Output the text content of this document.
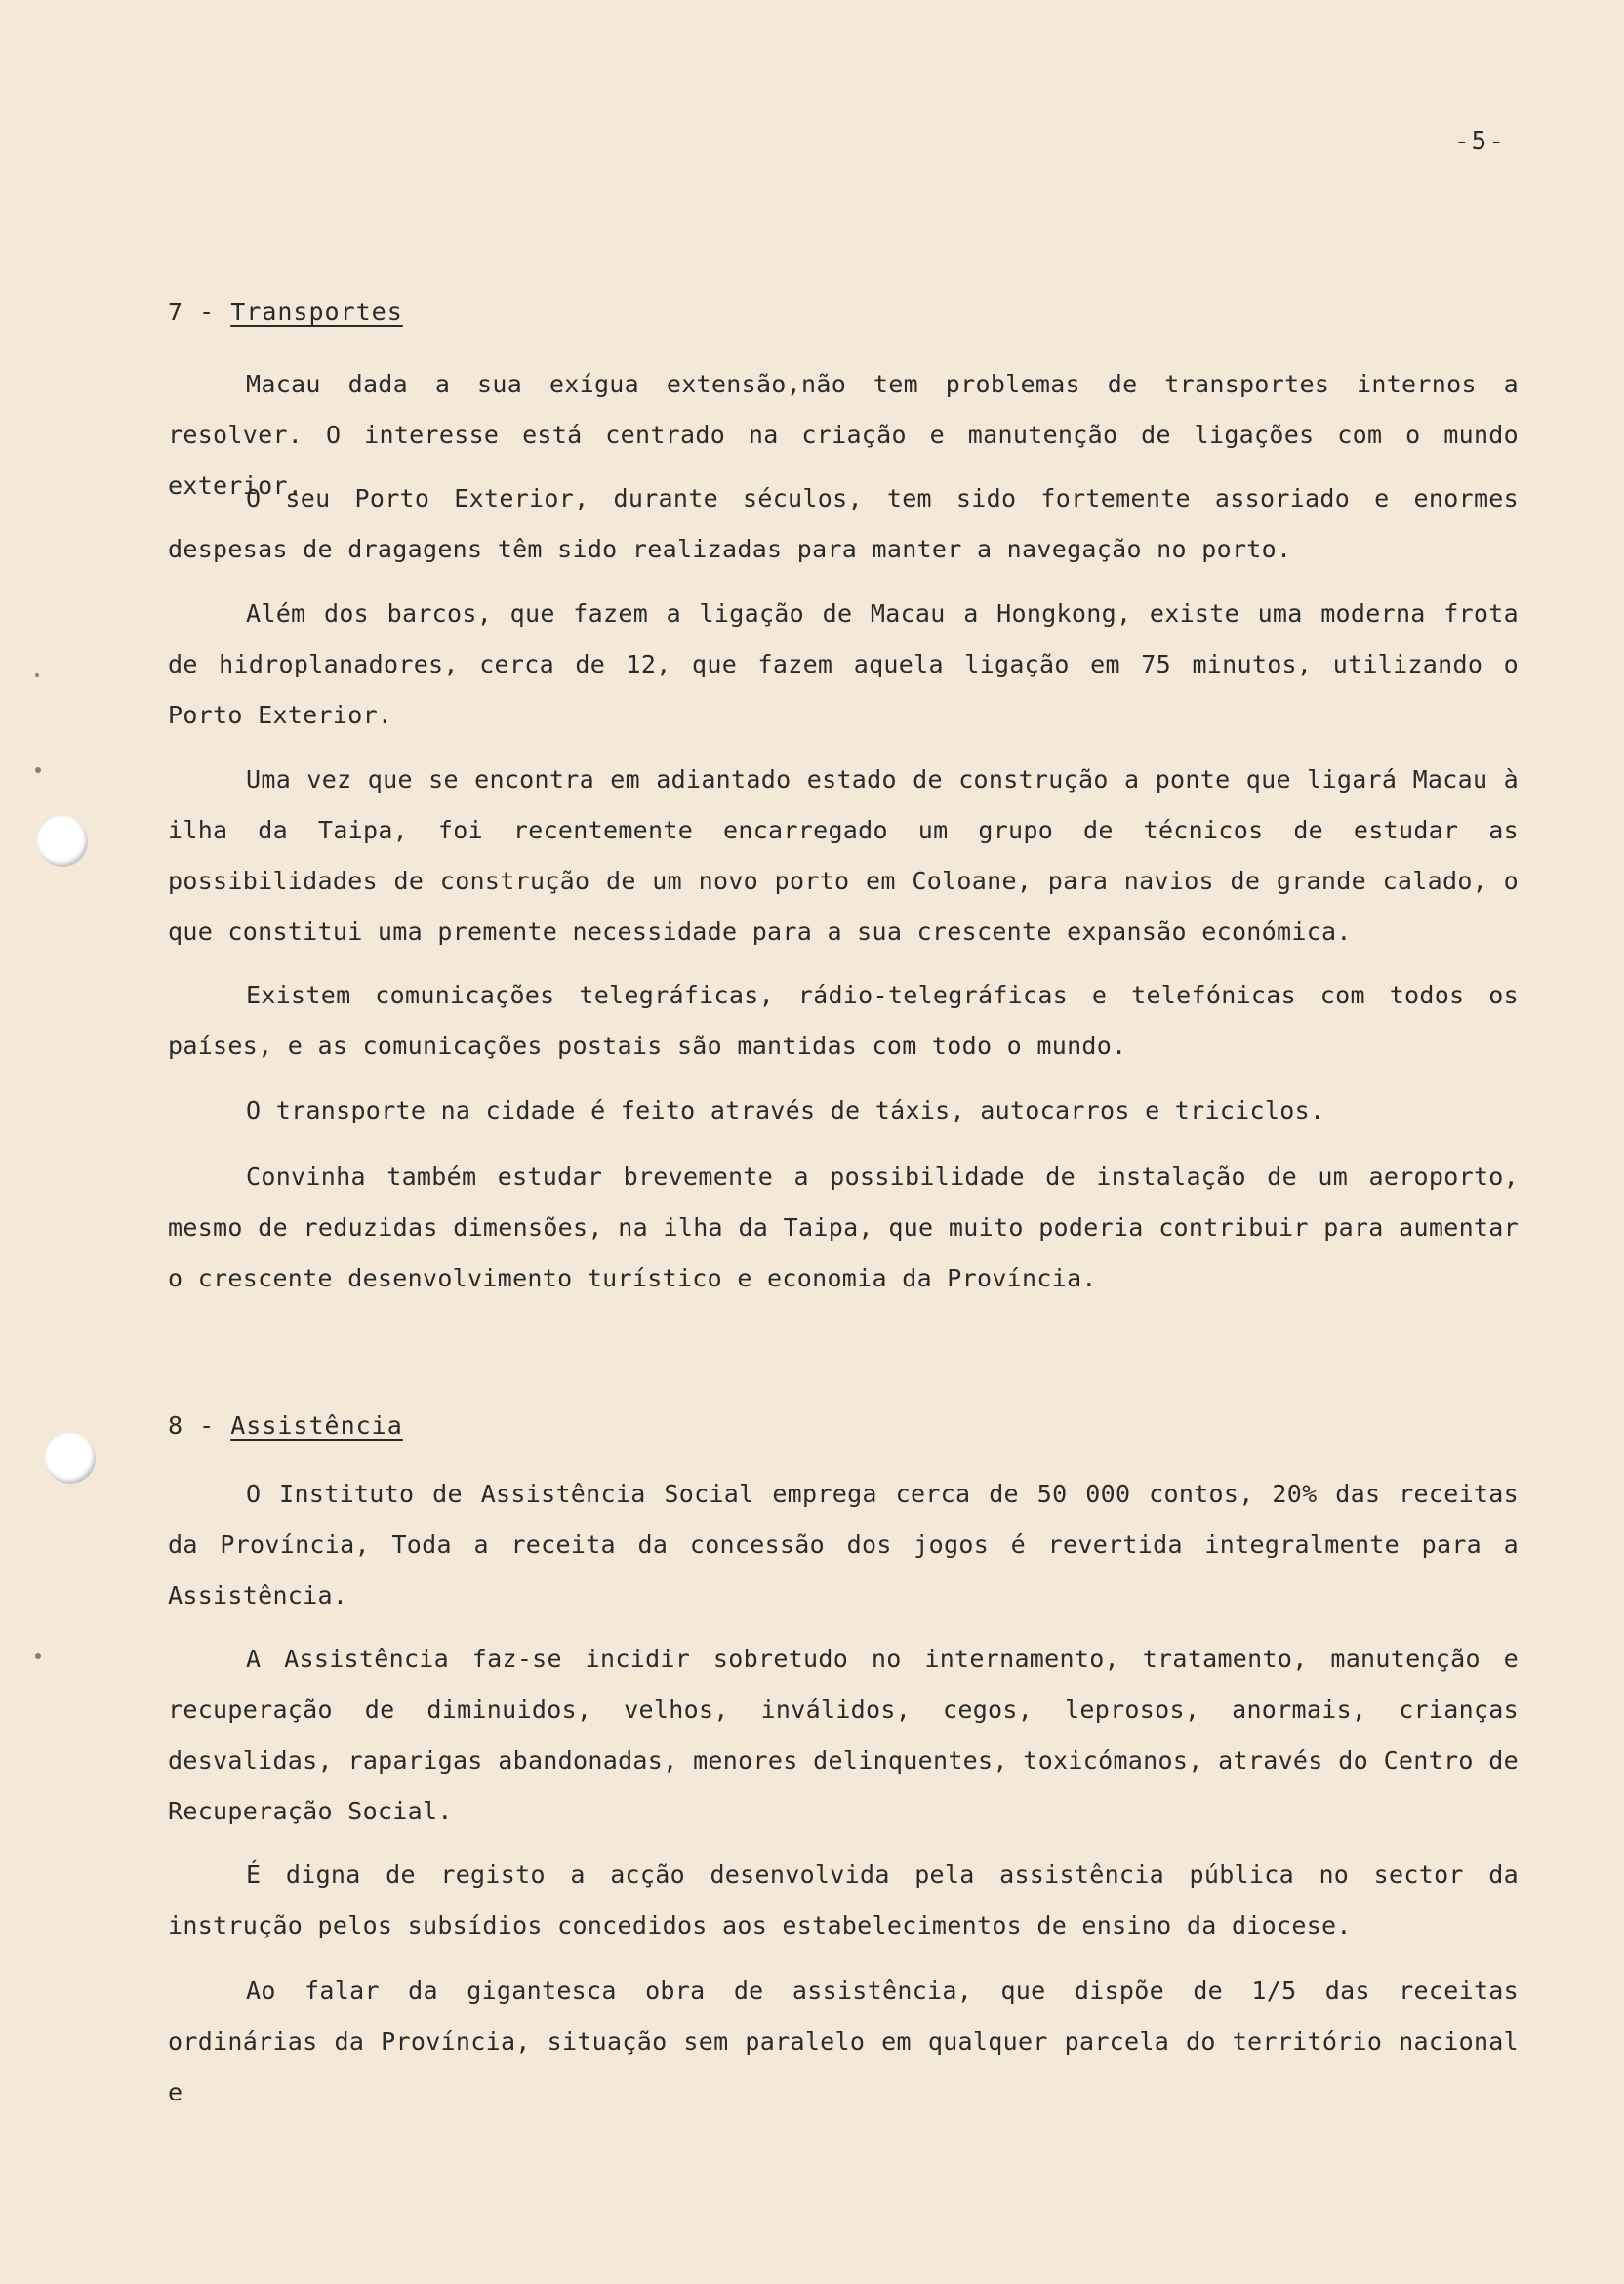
-5-
7 - Transportes

Macau dada a sua exígua extensão,não tem problemas de transportes internos a resolver. O interesse está centrado na criação e manutenção de ligações com o mundo exterior.

O seu Porto Exterior, durante séculos, tem sido fortemente assoriado e enormes despesas de dragagens têm sido realizadas para manter a navegação no porto.

Além dos barcos, que fazem a ligação de Macau a Hongkong, existe uma moderna frota de hidroplanadores, cerca de 12, que fazem aquela ligação em 75 minutos, utilizando o Porto Exterior.

Uma vez que se encontra em adiantado estado de construção a ponte que ligará Macau à ilha da Taipa, foi recentemente encarregado um grupo de técnicos de estudar as possibilidades de construção de um novo porto em Coloane, para navios de grande calado, o que constitui uma premente necessidade para a sua crescente expansão económica.

Existem comunicações telegráficas, rádio-telegráficas e telefónicas com todos os países, e as comunicações postais são mantidas com todo o mundo.

O transporte na cidade é feito através de táxis, autocarros e triciclos.

Convinha também estudar brevemente a possibilidade de instalação de um aeroporto, mesmo de reduzidas dimensões, na ilha da Taipa, que muito poderia contribuir para aumentar o crescente desenvolvimento turístico e economia da Província.

8 - Assistência

O Instituto de Assistência Social emprega cerca de 50 000 contos, 20% das receitas da Província, Toda a receita da concessão dos jogos é revertida integralmente para a Assistência.

A Assistência faz-se incidir sobretudo no internamento, tratamento, manutenção e recuperação de diminuidos, velhos, inválidos, cegos, leprosos, anormais, crianças desvalidas, raparigas abandonadas, menores delinquentes, toxicómanos, através do Centro de Recuperação Social.

É digna de registo a acção desenvolvida pela assistência pública no sector da instrução pelos subsídios concedidos aos estabelecimentos de ensino da diocese.

Ao falar da gigantesca obra de assistência, que dispõe de 1/5 das receitas ordinárias da Província, situação sem paralelo em qualquer parcela do território nacional e
